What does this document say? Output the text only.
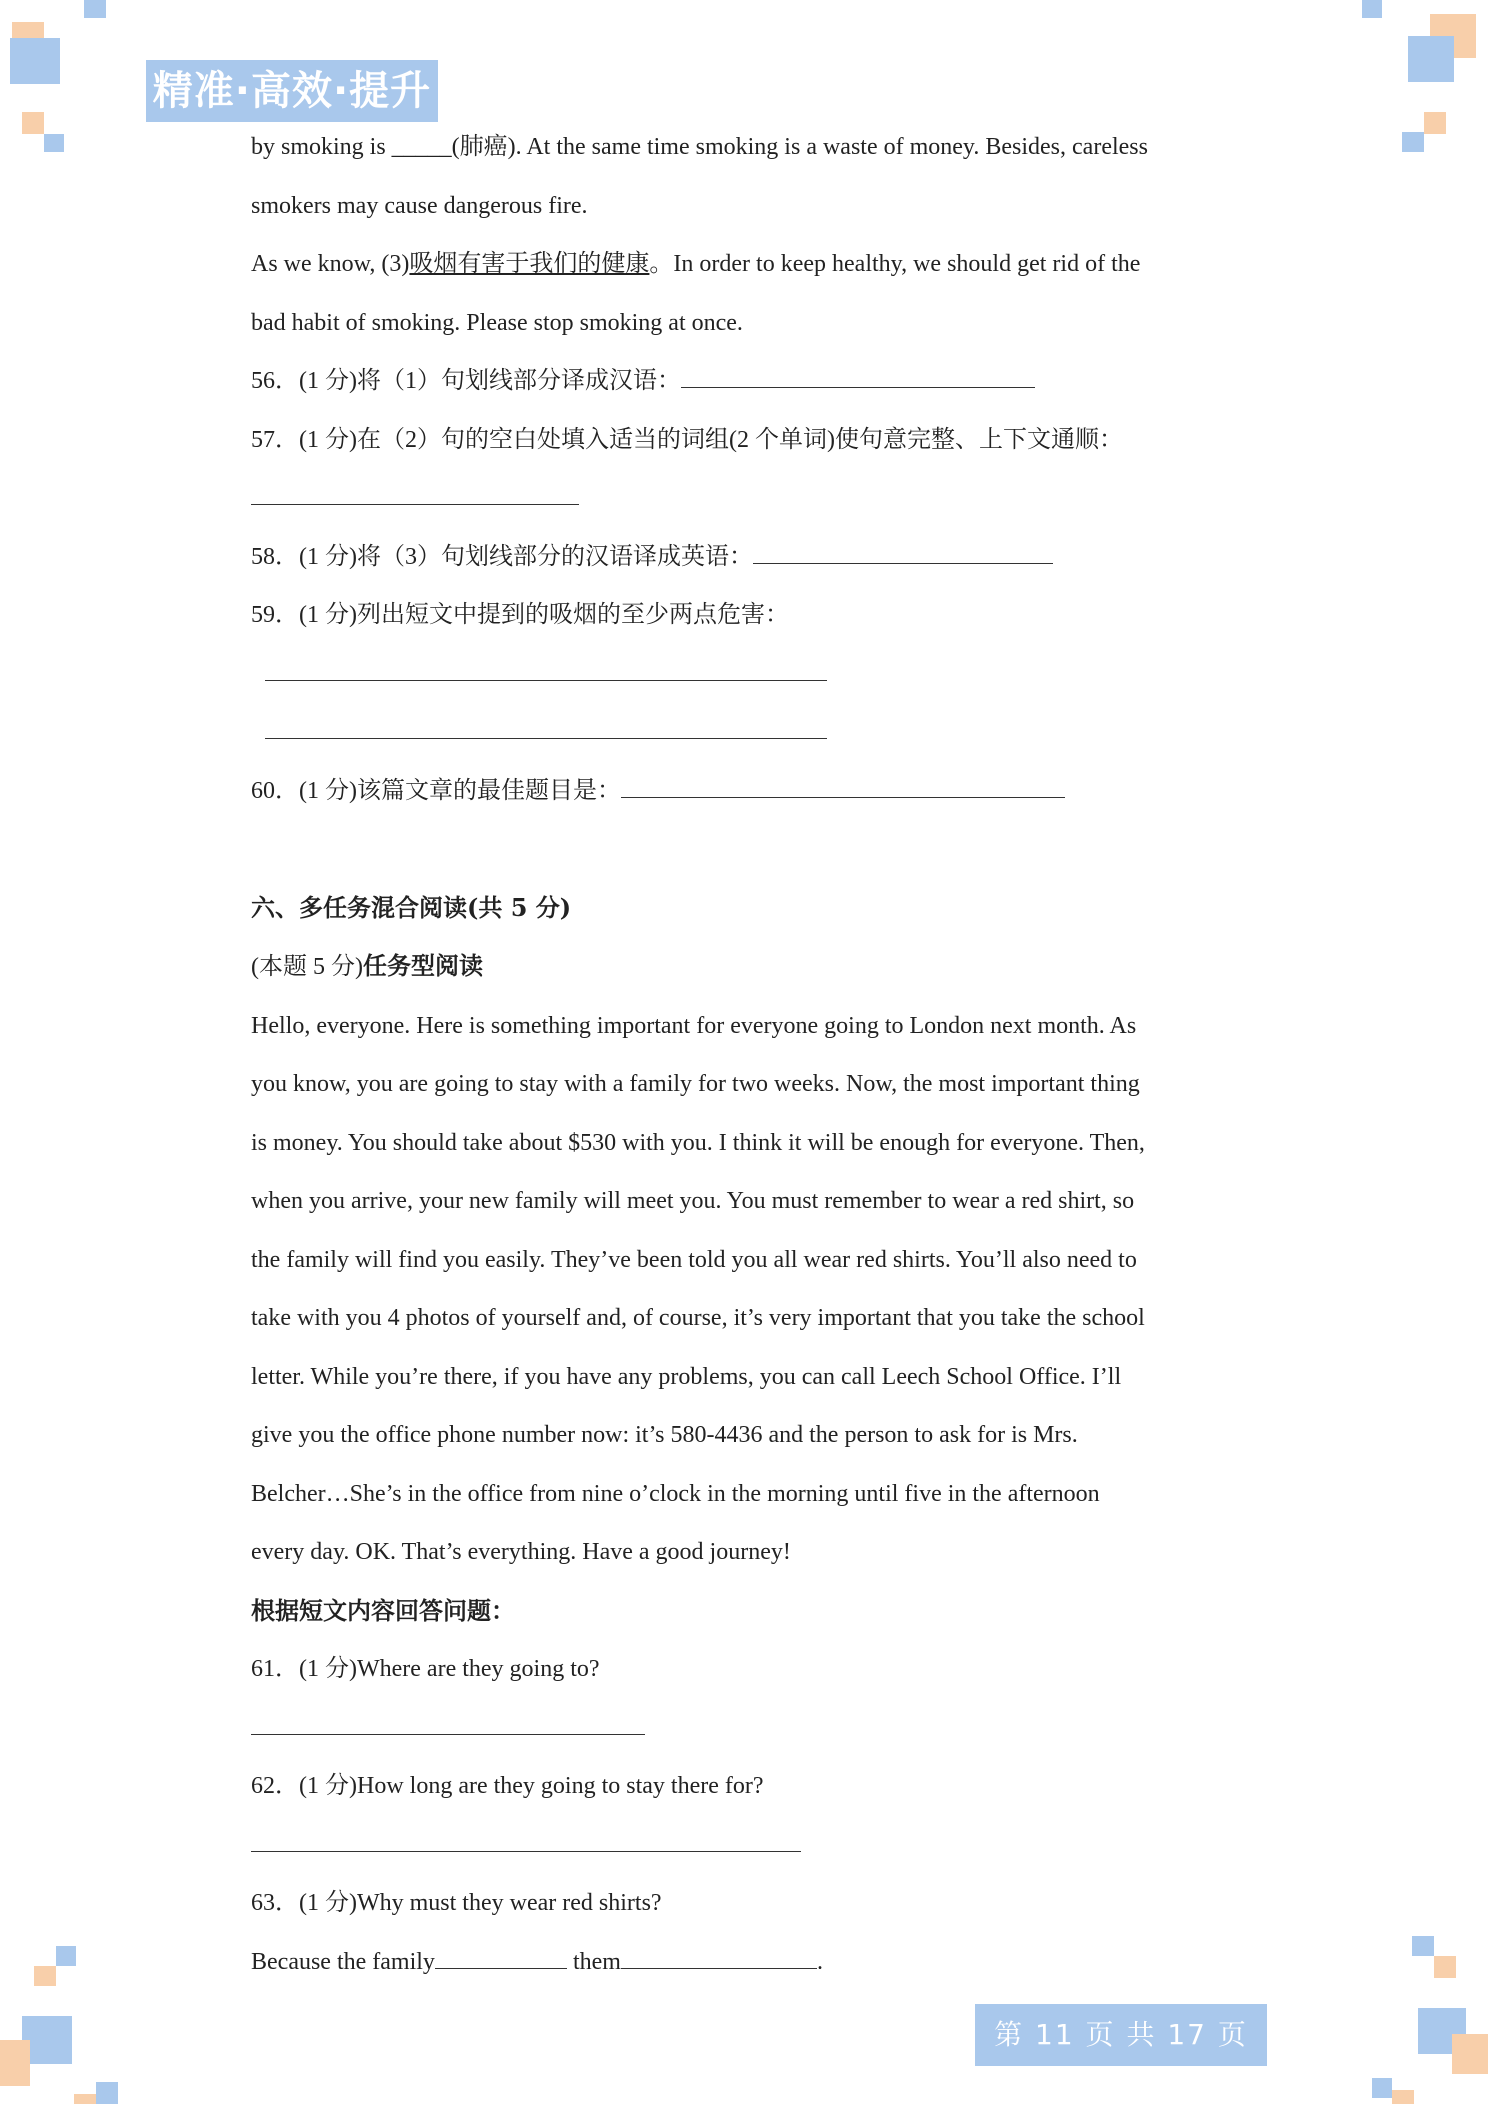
精准·高效·提升
by smoking is _____(肺癌). At the same time smoking is a waste of money. Besides, careless
smokers may cause dangerous fire.
As we know, (3)吸烟有害于我们的健康。In order to keep healthy, we should get rid of the
bad habit of smoking. Please stop smoking at once.
56．(1 分)将（1）句划线部分译成汉语：
57．(1 分)在（2）句的空白处填入适当的词组(2 个单词)使句意完整、上下文通顺：
58．(1 分)将（3）句划线部分的汉语译成英语：
59．(1 分)列出短文中提到的吸烟的至少两点危害：
60．(1 分)该篇文章的最佳题目是：
六、多任务混合阅读(共 5 分)
(本题 5 分)任务型阅读
Hello, everyone. Here is something important for everyone going to London next month. As
you know, you are going to stay with a family for two weeks. Now, the most important thing
is money. You should take about $530 with you. I think it will be enough for everyone. Then,
when you arrive, your new family will meet you. You must remember to wear a red shirt, so
the family will find you easily. They’ve been told you all wear red shirts. You’ll also need to
take with you 4 photos of yourself and, of course, it’s very important that you take the school
letter. While you’re there, if you have any problems, you can call Leech School Office. I’ll
give you the office phone number now: it’s 580-4436 and the person to ask for is Mrs.
Belcher…She’s in the office from nine o’clock in the morning until five in the afternoon
every day. OK. That’s everything. Have a good journey!
根据短文内容回答问题：
61．(1 分)Where are they going to?
62．(1 分)How long are they going to stay there for?
63．(1 分)Why must they wear red shirts?
Because the family	them	.
第 11 页 共 17 页
